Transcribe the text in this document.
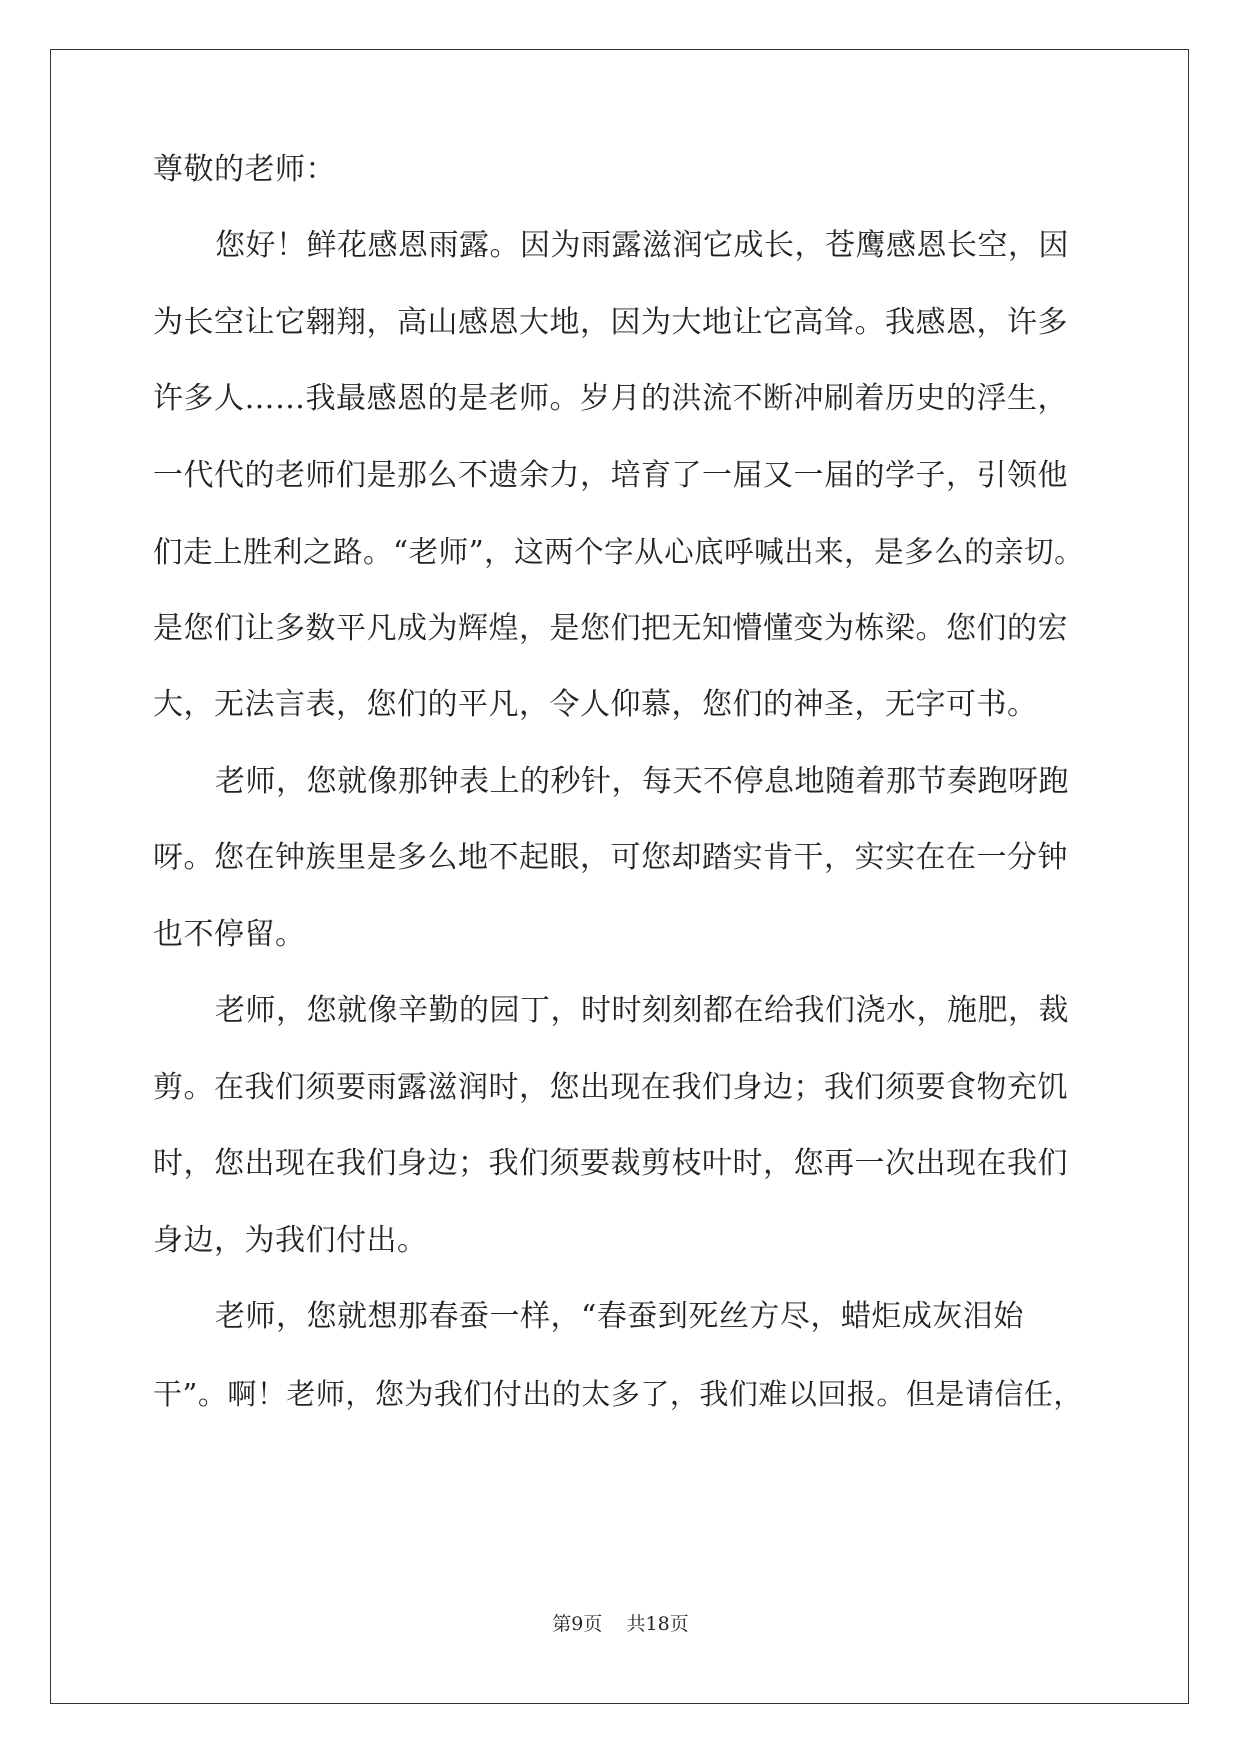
尊敬的老师：
您好！鲜花感恩雨露。因为雨露滋润它成长，苍鹰感恩长空，因
为长空让它翱翔，高山感恩大地，因为大地让它高耸。我感恩，许多
许多人……我最感恩的是老师。岁月的洪流不断冲刷着历史的浮生，
一代代的老师们是那么不遗余力，培育了一届又一届的学子，引领他
们走上胜利之路。“老师”，这两个字从心底呼喊出来，是多么的亲切。
是您们让多数平凡成为辉煌，是您们把无知懵懂变为栋梁。您们的宏
大，无法言表，您们的平凡，令人仰慕，您们的神圣，无字可书。
老师，您就像那钟表上的秒针，每天不停息地随着那节奏跑呀跑
呀。您在钟族里是多么地不起眼，可您却踏实肯干，实实在在一分钟
也不停留。
老师，您就像辛勤的园丁，时时刻刻都在给我们浇水，施肥，裁
剪。在我们须要雨露滋润时，您出现在我们身边；我们须要食物充饥
时，您出现在我们身边；我们须要裁剪枝叶时，您再一次出现在我们
身边，为我们付出。
老师，您就想那春蚕一样，“春蚕到死丝方尽，蜡炬成灰泪始
干”。啊！老师，您为我们付出的太多了，我们难以回报。但是请信任，
第9页 共18页
